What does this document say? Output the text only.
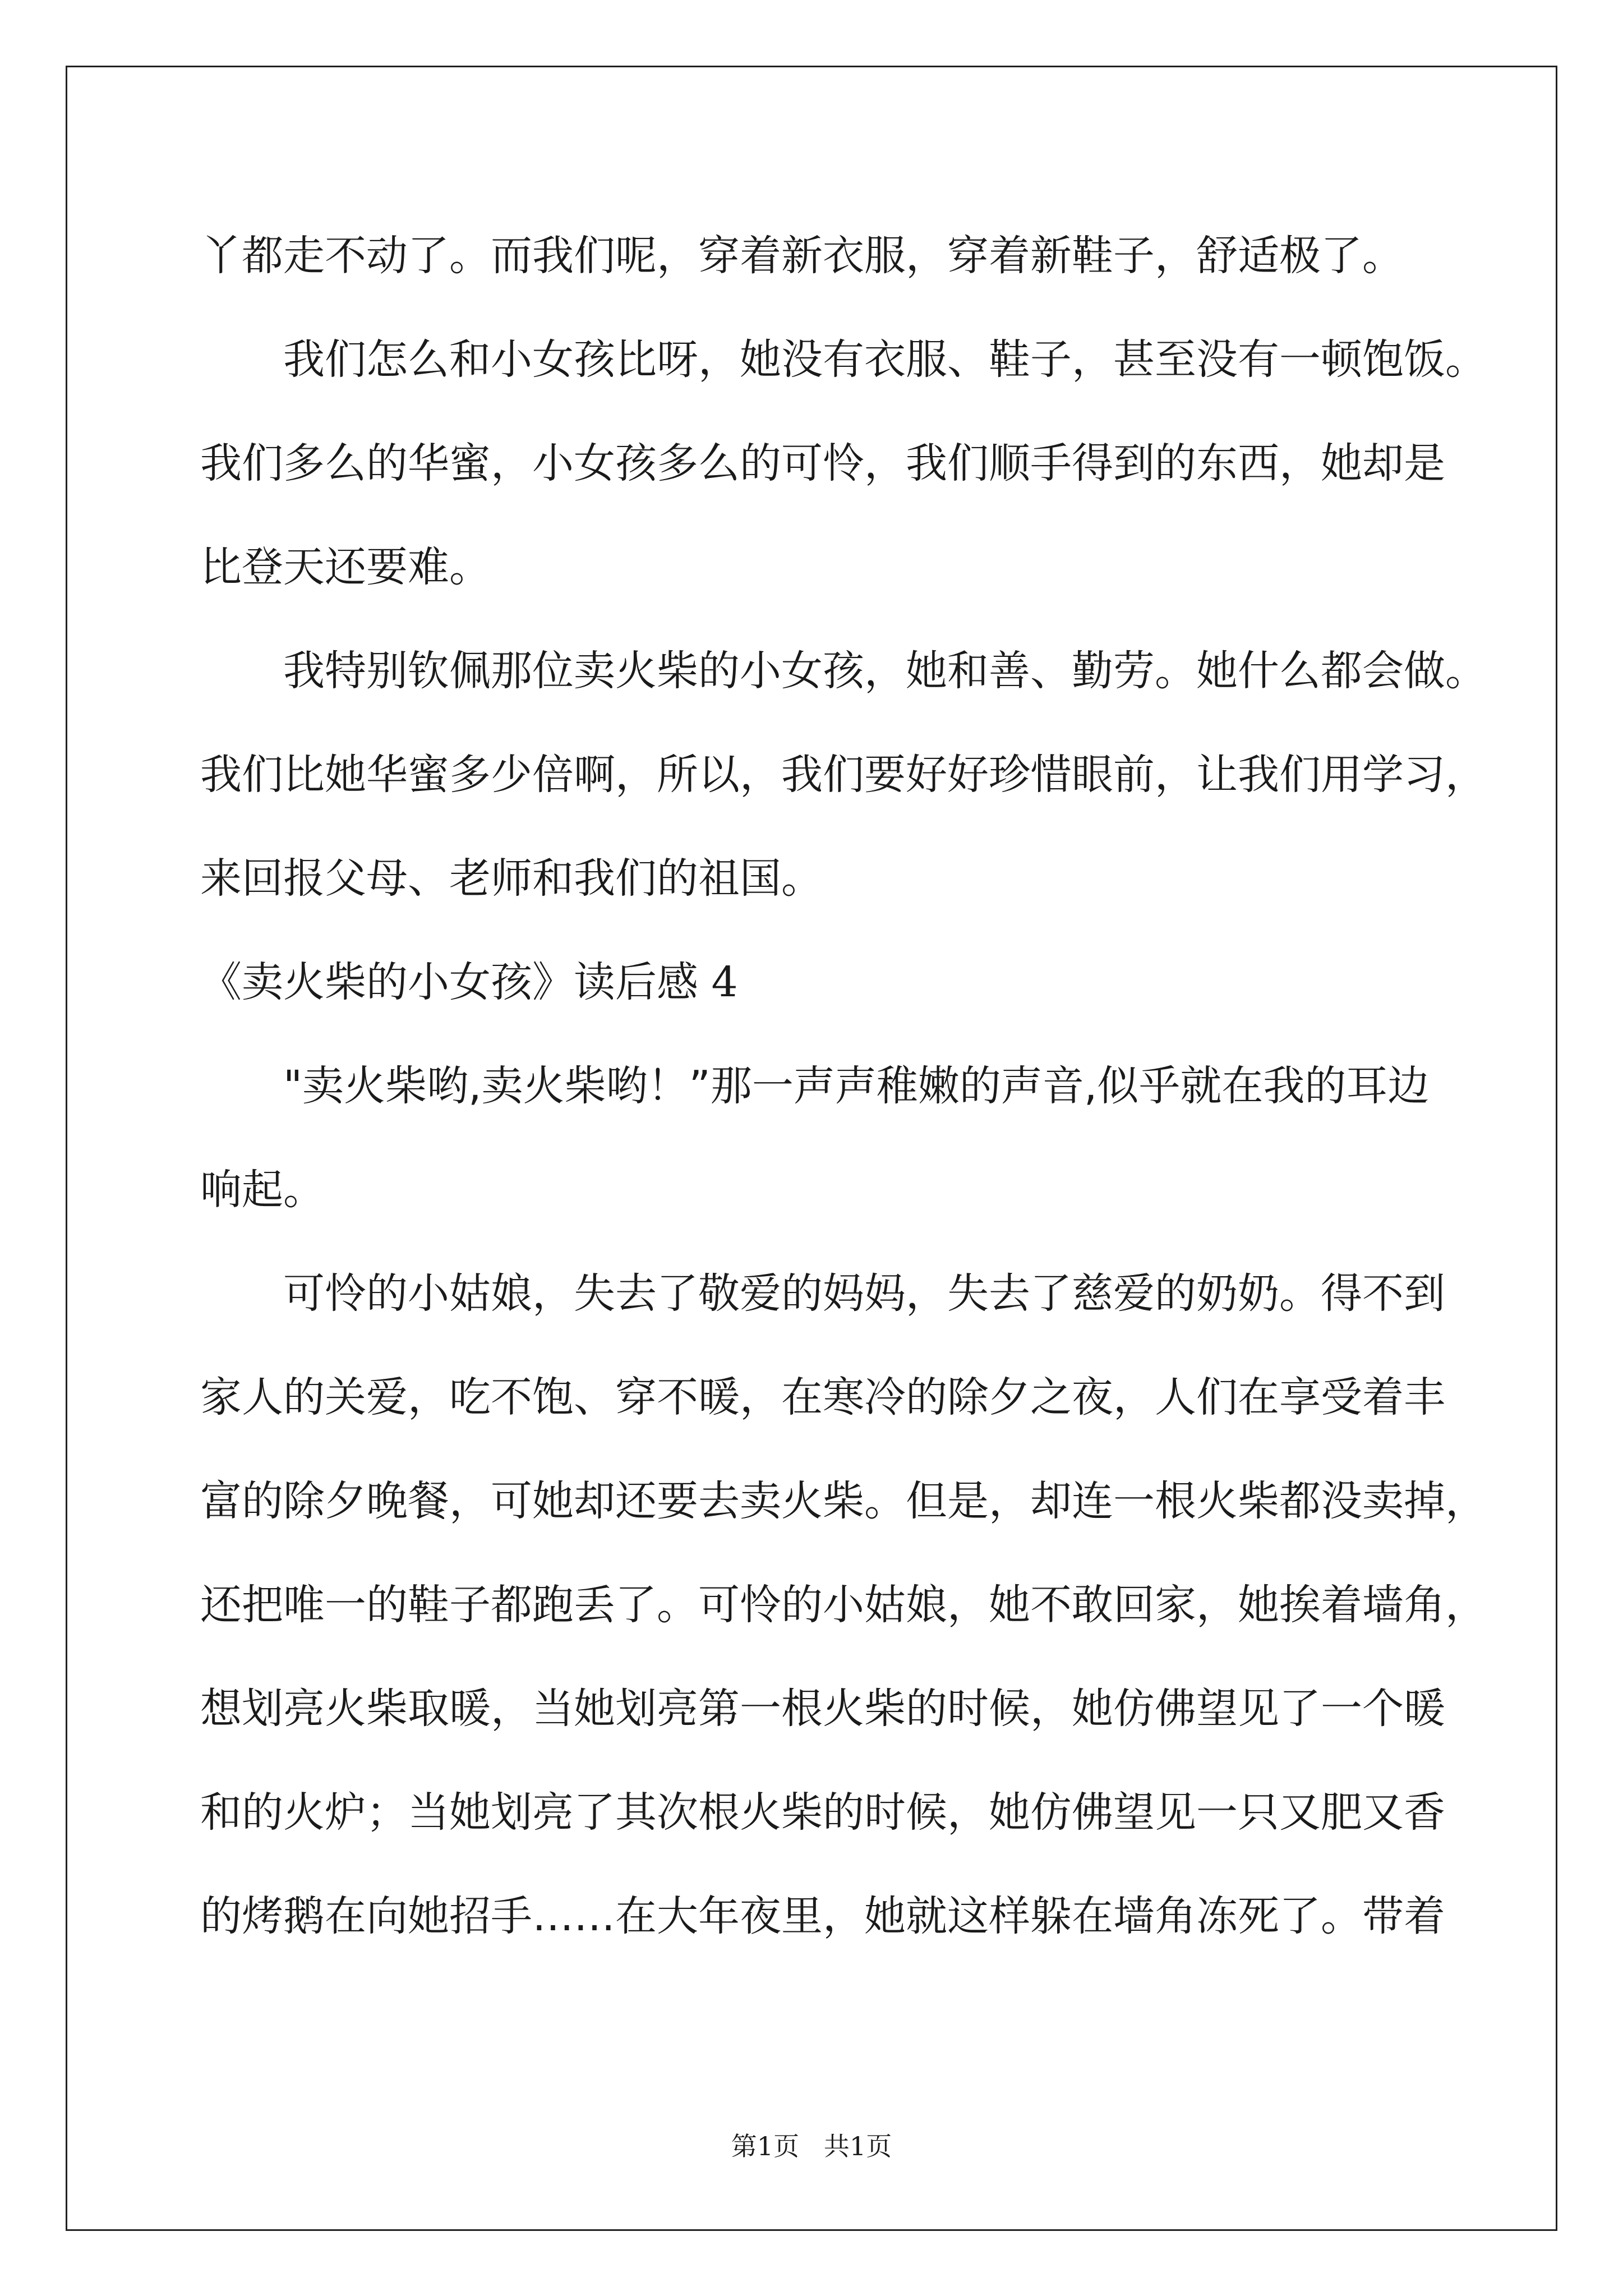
丫都走不动了。而我们呢，穿着新衣服，穿着新鞋子，舒适极了。
我们怎么和小女孩比呀，她没有衣服、鞋子，甚至没有一顿饱饭。
我们多么的华蜜，小女孩多么的可怜，我们顺手得到的东西，她却是
比登天还要难。
我特别钦佩那位卖火柴的小女孩，她和善、勤劳。她什么都会做。
我们比她华蜜多少倍啊，所以，我们要好好珍惜眼前，让我们用学习，
来回报父母、老师和我们的祖国。
《卖火柴的小女孩》读后感 4
"卖火柴哟,卖火柴哟！”那一声声稚嫩的声音,似乎就在我的耳边
响起。
可怜的小姑娘，失去了敬爱的妈妈，失去了慈爱的奶奶。得不到
家人的关爱，吃不饱、穿不暖，在寒冷的除夕之夜，人们在享受着丰
富的除夕晚餐，可她却还要去卖火柴。但是，却连一根火柴都没卖掉，
还把唯一的鞋子都跑丢了。可怜的小姑娘，她不敢回家，她挨着墙角，
想划亮火柴取暖，当她划亮第一根火柴的时候，她仿佛望见了一个暖
和的火炉；当她划亮了其次根火柴的时候，她仿佛望见一只又肥又香
的烤鹅在向她招手……在大年夜里，她就这样躲在墙角冻死了。带着
第1页   共1页
